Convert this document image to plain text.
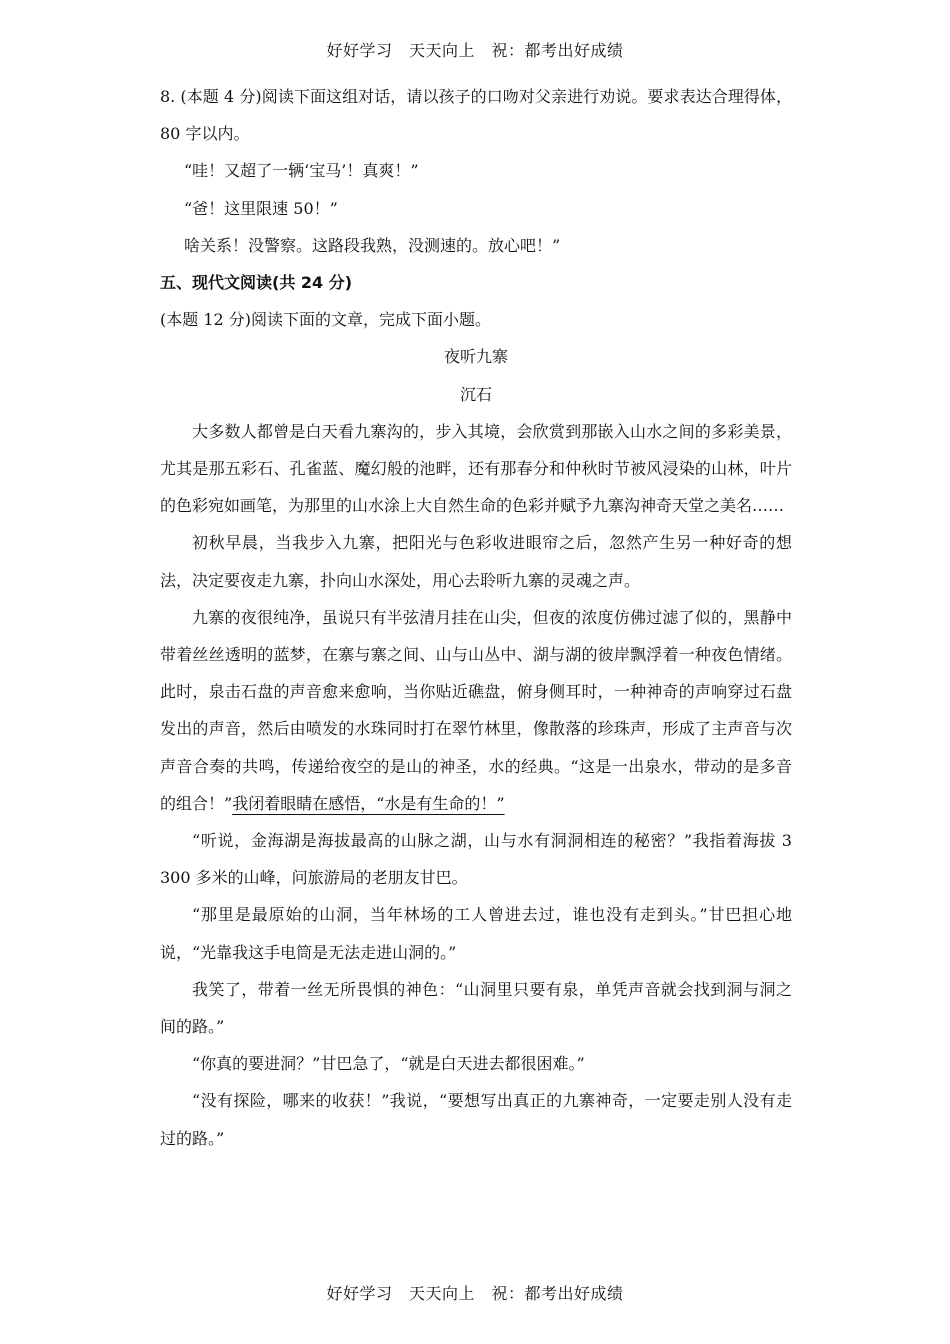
好好学习　天天向上　祝：都考出好成绩

8. (本题 4 分)阅读下面这组对话，请以孩子的口吻对父亲进行劝说。要求表达合理得体，80 字以内。

“哇！又超了一辆‘宝马’！真爽！”

“爸！这里限速 50！”

啥关系！没警察。这路段我熟，没测速的。放心吧！”

五、现代文阅读(共 24 分)

(本题 12 分)阅读下面的文章，完成下面小题。

夜听九寨

沉石

大多数人都曾是白天看九寨沟的，步入其境，会欣赏到那嵌入山水之间的多彩美景，尤其是那五彩石、孔雀蓝、魔幻般的池畔，还有那春分和仲秋时节被风浸染的山林，叶片的色彩宛如画笔，为那里的山水涂上大自然生命的色彩并赋予九寨沟神奇天堂之美名……

初秋早晨，当我步入九寨，把阳光与色彩收进眼帘之后，忽然产生另一种好奇的想法，决定要夜走九寨，扑向山水深处，用心去聆听九寨的灵魂之声。

九寨的夜很纯净，虽说只有半弦清月挂在山尖，但夜的浓度仿佛过滤了似的，黑静中带着丝丝透明的蓝梦，在寨与寨之间、山与山丛中、湖与湖的彼岸飘浮着一种夜色情绪。此时，泉击石盘的声音愈来愈响，当你贴近礁盘，俯身侧耳时，一种神奇的声响穿过石盘发出的声音，然后由喷发的水珠同时打在翠竹林里，像散落的珍珠声，形成了主声音与次声音合奏的共鸣，传递给夜空的是山的神圣，水的经典。“这是一出泉水，带动的是多音的组合！”我闭着眼睛在感悟，“水是有生命的！”

“听说，金海湖是海拔最高的山脉之湖，山与水有洞洞相连的秘密？”我指着海拔 3 300 多米的山峰，问旅游局的老朋友甘巴。

“那里是最原始的山洞，当年林场的工人曾进去过，谁也没有走到头。”甘巴担心地说，“光靠我这手电筒是无法走进山洞的。”

我笑了，带着一丝无所畏惧的神色：“山洞里只要有泉，单凭声音就会找到洞与洞之间的路。”

“你真的要进洞？”甘巴急了，“就是白天进去都很困难。”

“没有探险，哪来的收获！”我说，“要想写出真正的九寨神奇，一定要走别人没有走过的路。”

好好学习　天天向上　祝：都考出好成绩
